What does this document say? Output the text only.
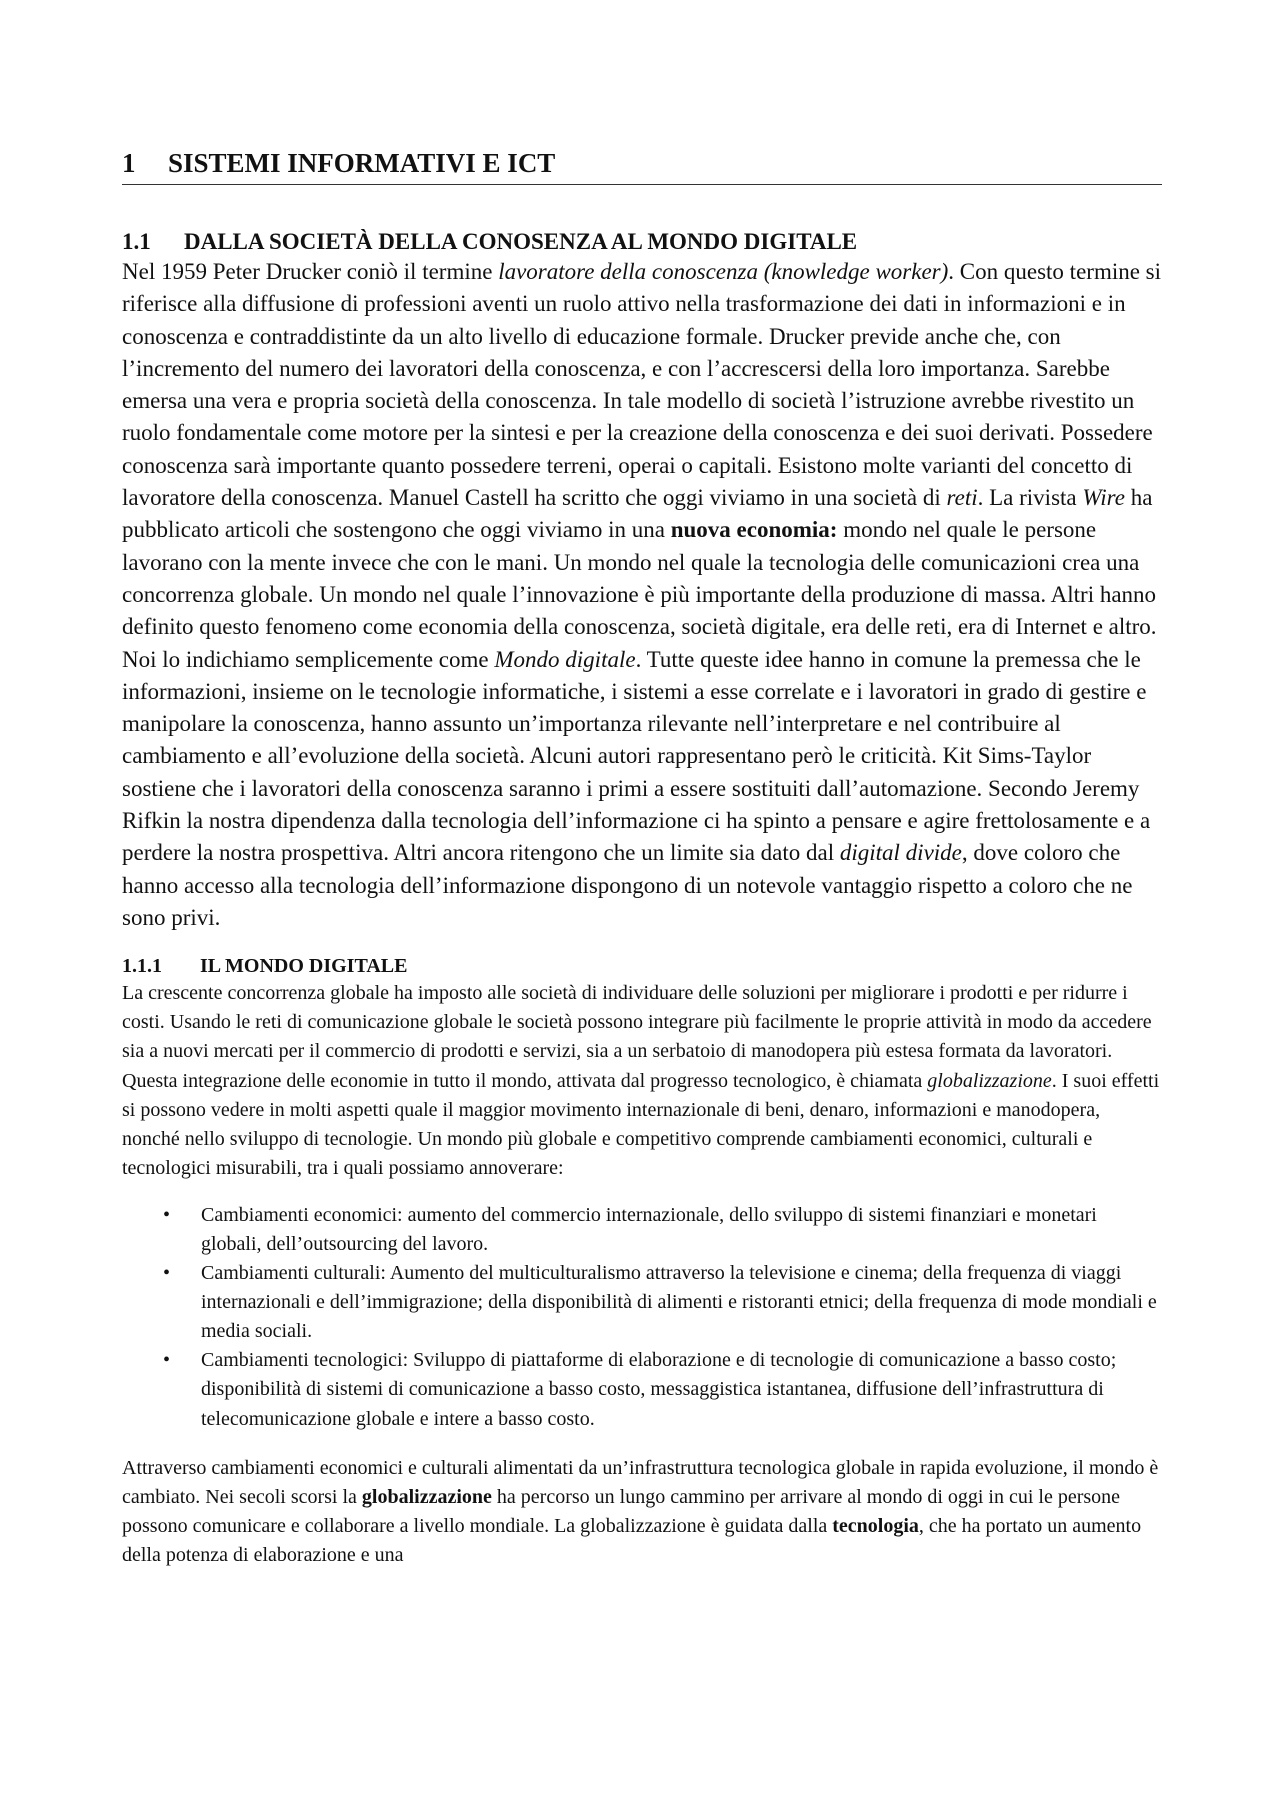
1 SISTEMI INFORMATIVI E ICT
1.1 DALLA SOCIETÀ DELLA CONOSENZA AL MONDO DIGITALE

Nel 1959 Peter Drucker coniò il termine lavoratore della conoscenza (knowledge worker). Con questo termine si riferisce alla diffusione di professioni aventi un ruolo attivo nella trasformazione dei dati in informazioni e in conoscenza e contraddistinte da un alto livello di educazione formale. Drucker previde anche che, con l’incremento del numero dei lavoratori della conoscenza, e con l’accrescersi della loro importanza. Sarebbe emersa una vera e propria società della conoscenza. In tale modello di società l’istruzione avrebbe rivestito un ruolo fondamentale come motore per la sintesi e per la creazione della conoscenza e dei suoi derivati. Possedere conoscenza sarà importante quanto possedere terreni, operai o capitali. Esistono molte varianti del concetto di lavoratore della conoscenza. Manuel Castell ha scritto che oggi viviamo in una società di reti. La rivista Wire ha pubblicato articoli che sostengono che oggi viviamo in una nuova economia: mondo nel quale le persone lavorano con la mente invece che con le mani. Un mondo nel quale la tecnologia delle comunicazioni crea una concorrenza globale. Un mondo nel quale l’innovazione è più importante della produzione di massa. Altri hanno definito questo fenomeno come economia della conoscenza, società digitale, era delle reti, era di Internet e altro. Noi lo indichiamo semplicemente come Mondo digitale. Tutte queste idee hanno in comune la premessa che le informazioni, insieme on le tecnologie informatiche, i sistemi a esse correlate e i lavoratori in grado di gestire e manipolare la conoscenza, hanno assunto un’importanza rilevante nell’interpretare e nel contribuire al cambiamento e all’evoluzione della società. Alcuni autori rappresentano però le criticità. Kit Sims-Taylor sostiene che i lavoratori della conoscenza saranno i primi a essere sostituiti dall’automazione. Secondo Jeremy Rifkin la nostra dipendenza dalla tecnologia dell’informazione ci ha spinto a pensare e agire frettolosamente e a perdere la nostra prospettiva. Altri ancora ritengono che un limite sia dato dal digital divide, dove coloro che hanno accesso alla tecnologia dell’informazione dispongono di un notevole vantaggio rispetto a coloro che ne sono privi.

1.1.1 IL MONDO DIGITALE

La crescente concorrenza globale ha imposto alle società di individuare delle soluzioni per migliorare i prodotti e per ridurre i costi. Usando le reti di comunicazione globale le società possono integrare più facilmente le proprie attività in modo da accedere sia a nuovi mercati per il commercio di prodotti e servizi, sia a un serbatoio di manodopera più estesa formata da lavoratori. Questa integrazione delle economie in tutto il mondo, attivata dal progresso tecnologico, è chiamata globalizzazione. I suoi effetti si possono vedere in molti aspetti quale il maggior movimento internazionale di beni, denaro, informazioni e manodopera, nonché nello sviluppo di tecnologie. Un mondo più globale e competitivo comprende cambiamenti economici, culturali e tecnologici misurabili, tra i quali possiamo annoverare:

• Cambiamenti economici: aumento del commercio internazionale, dello sviluppo di sistemi finanziari e monetari globali, dell’outsourcing del lavoro.
• Cambiamenti culturali: Aumento del multiculturalismo attraverso la televisione e cinema; della frequenza di viaggi internazionali e dell’immigrazione; della disponibilità di alimenti e ristoranti etnici; della frequenza di mode mondiali e media sociali.
• Cambiamenti tecnologici: Sviluppo di piattaforme di elaborazione e di tecnologie di comunicazione a basso costo; disponibilità di sistemi di comunicazione a basso costo, messaggistica istantanea, diffusione dell’infrastruttura di telecomunicazione globale e intere a basso costo.

Attraverso cambiamenti economici e culturali alimentati da un’infrastruttura tecnologica globale in rapida evoluzione, il mondo è cambiato. Nei secoli scorsi la globalizzazione ha percorso un lungo cammino per arrivare al mondo di oggi in cui le persone possono comunicare e collaborare a livello mondiale. La globalizzazione è guidata dalla tecnologia, che ha portato un aumento della potenza di elaborazione e una
